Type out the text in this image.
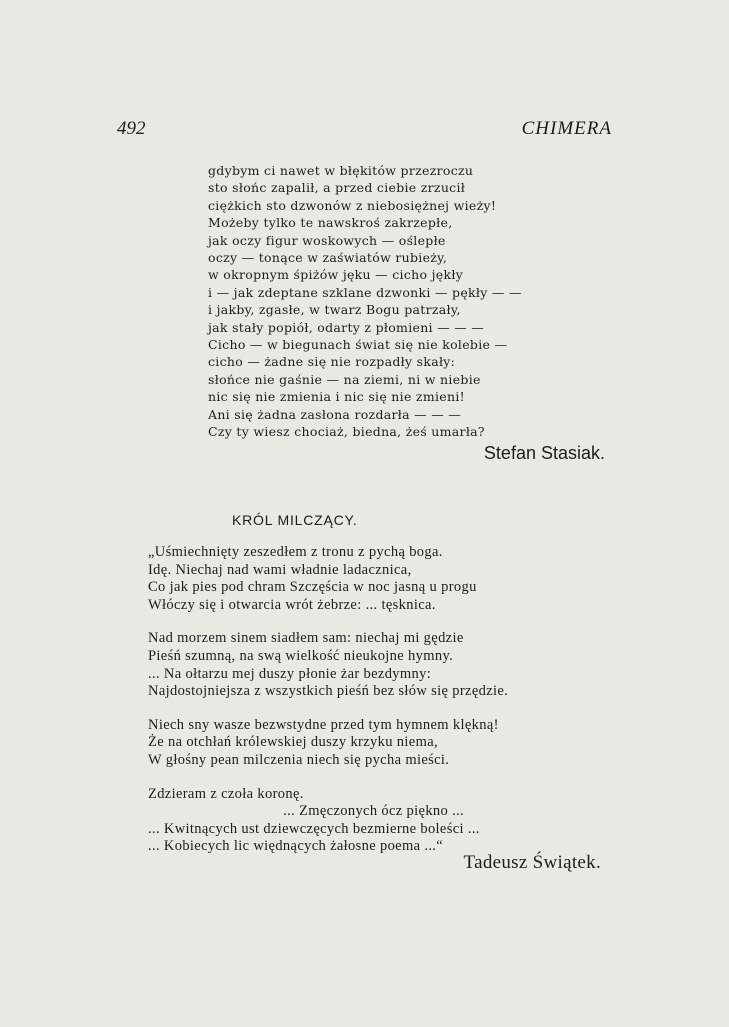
492	CHIMERA
gdybym ci nawet w błękitów przezroczu
sto słońc zapalił, a przed ciebie zrzucił
ciężkich sto dzwonów z niebosiężnej wieży!
Możeby tylko te nawskroś zakrzepłe,
jak oczy figur woskowych — oślepłe
oczy — tonące w zaświatów rubieży,
w okropnym śpiżów jęku — cicho jękły
i — jak zdeptane szklane dzwonki — pękły — —
i jakby, zgasłe, w twarz Bogu patrzały,
jak stały popiół, odarty z płomieni — — —
Cicho — w biegunach świat się nie kolebie —
cicho — żadne się nie rozpadły skały:
słońce nie gaśnie — na ziemi, ni w niebie
nic się nie zmienia i nic się nie zmieni!
Ani się żadna zasłona rozdarła — — —
Czy ty wiesz chociaż, biedna, żeś umarła?
Stefan Stasiak.
KRÓL MILCZĄCY.
„Uśmiechnięty zeszedłem z tronu z pychą boga.
Idę. Niechaj nad wami władnie ladacznica,
Co jak pies pod chram Szczęścia w noc jasną u progu
Włóczy się i otwarcia wrót żebrze: ... tęsknica.
Nad morzem sinem siadłem sam: niechaj mi gędzie
Pieśń szumną, na swą wielkość nieukojne hymny.
... Na ołtarzu mej duszy płonie żar bezdymny:
Najdostojniejsza z wszystkich pieśń bez słów się przędzie.
Niech sny wasze bezwstydne przed tym hymnem klękną!
Że na otchłań królewskiej duszy krzyku niema,
W głośny pean milczenia niech się pycha mieści.
Zdzieram z czoła koronę.
... Zmęczonych ócz piękno ...
... Kwitnących ust dziewczęcych bezmierne boleści ...
... Kobiecych lic więdnących żałosne poema ...“
Tadeusz Świątek.
